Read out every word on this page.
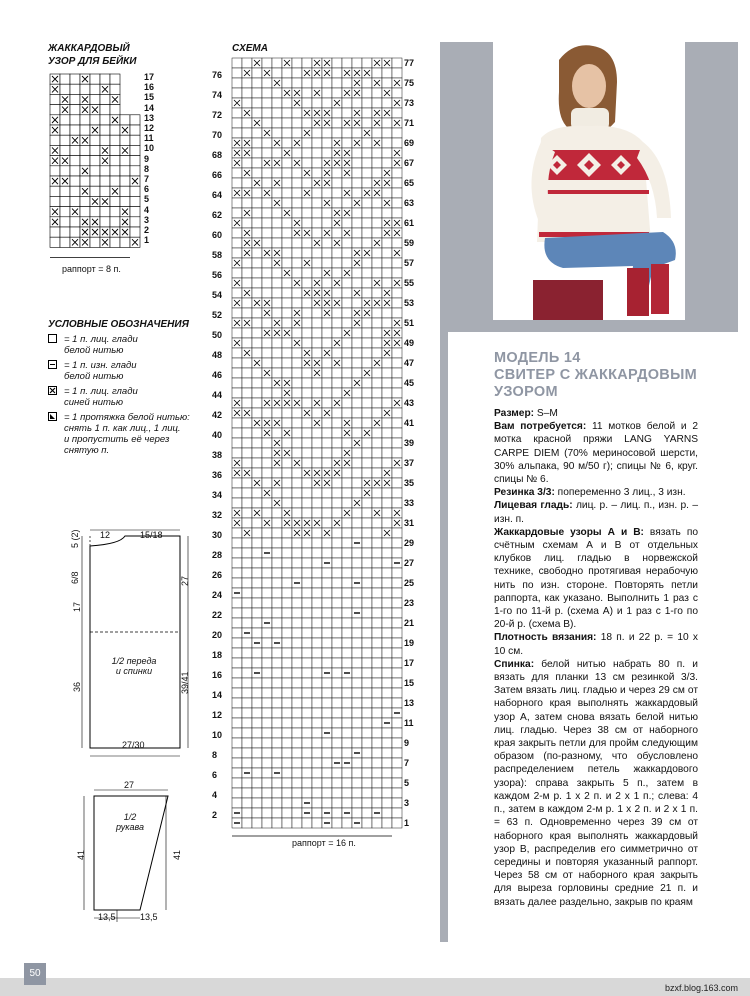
ЖАККАРДОВЫЙ
УЗОР ДЛЯ БЕЙКИ
17
16
15
14
13
12
11
10
9
8
7
6
5
4
3
2
1
раппорт = 8 п.
УСЛОВНЫЕ ОБОЗНАЧЕНИЯ
= 1 п. лиц. глади
белой нитью
= 1 п. изн. глади
белой нитью
= 1 п. лиц. глади
синей нитью
= 1 протяжка белой нитью:
снять 1 п. как лиц., 1 лиц.
и пропустить её через
снятую п.
12	15/18
5 (2)
6/8
17
36
27
39/41
27/30
1/2 переда
и спинки
27
1/2
рукава
41	41
13,5	13,5
СХЕМА
76
74
72
70
68
66
64
62
60
58
56
54
52
50
48
46
44
42
40
38
36
34
32
30
28
26
24
22
20
18
16
14
12
10
8
6
4
2
77
75
73
71
69
67
65
63
61
59
57
55
53
51
49
47
45
43
41
39
37
35
33
31
29
27
25
23
21
19
17
15
13
11
9
7
5
3
1
раппорт = 16 п.
МОДЕЛЬ 14
СВИТЕР С ЖАККАРДОВЫМ
УЗОРОМ
Размер: S–M
Вам потребуется: 11 мотков белой и 2 мотка красной пряжи LANG YARNS CARPE DIEM (70% мериносовой шерсти, 30% альпака, 90 м/50 г); спицы № 6, круг. спицы № 6.
Резинка 3/3: попеременно 3 лиц., 3 изн.
Лицевая гладь: лиц. р. – лиц. п., изн. р. – изн. п.
Жаккардовые узоры А и В: вязать по счётным схемам А и В от отдельных клубков лиц. гладью в норвежской технике, свободно протягивая нерабочую нить по изн. стороне. Повторять петли раппорта, как указано. Выполнить 1 раз с 1-го по 11-й р. (схема А) и 1 раз с 1-го по 20-й р. (схема В).
Плотность вязания: 18 п. и 22 р. = 10 х 10 см.
Спинка: белой нитью набрать 80 п. и вязать для планки 13 см резинкой 3/3. Затем вязать лиц. гладью и через 29 см от наборного края выполнять жаккардовый узор А, затем снова вязать белой нитью лиц. гладью. Через 38 см от наборного края закрыть петли для пройм следующим образом (по-разному, что обусловлено распределением петель жаккардового узора): справа закрыть 5 п., затем в каждом 2-м р. 1 х 2 п. и 2 х 1 п.; слева: 4 п., затем в каждом 2-м р. 1 х 2 п. и 2 х 1 п. = 63 п. Одновременно через 39 см от наборного края выполнять жаккардовый узор В, распределив его симметрично от середины и повторяя указанный раппорт. Через 58 см от наборного края закрыть для выреза горловины средние 21 п. и вязать далее раздельно, закрыв по краям
50
bzxf.blog.163.com
